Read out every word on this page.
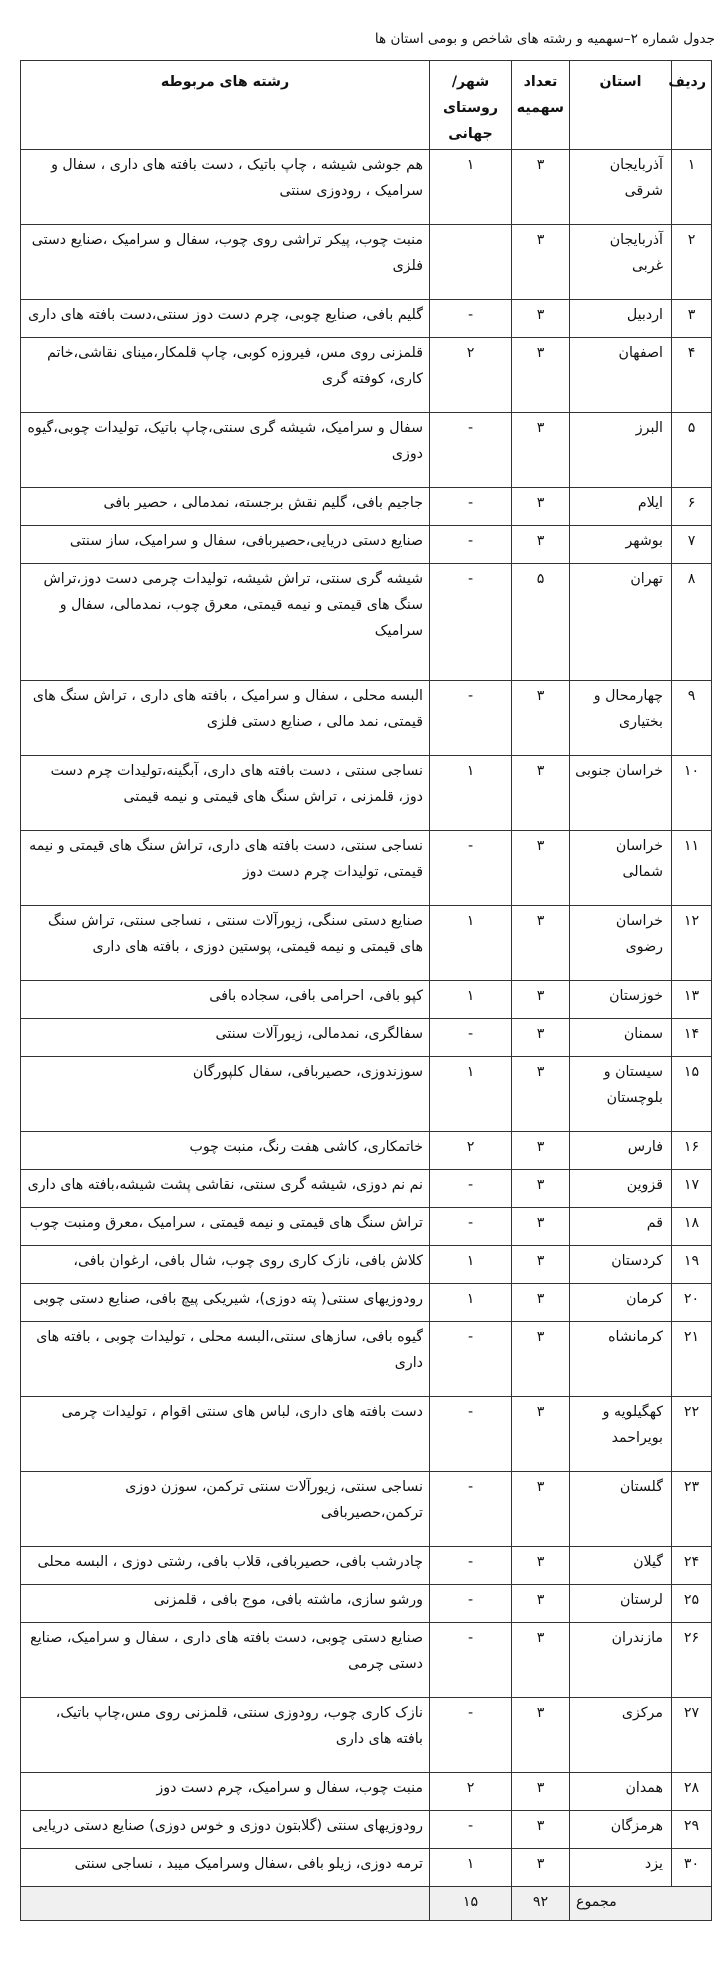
جدول شماره ۲–سهمیه و رشته های شاخص و بومی استان ها
ردیف	استان	تعداد سهمیه	شهر/روستای جهانی	رشته های مربوطه
۱	آذربایجان شرقی	۳	۱	هم جوشی شیشه ، چاپ باتیک ، دست بافته های داری ، سفال و سرامیک ، رودوزی سنتی
۲	آذربایجان غربی	۳		منبت چوب، پیکر تراشی روی چوب، سفال و سرامیک ،صنایع دستی فلزی
۳	اردبیل	۳	-	گلیم بافی، صنایع چوبی، چرم دست دوز سنتی،دست بافته های داری
۴	اصفهان	۳	۲	قلمزنی روی مس، فیروزه کوبی، چاپ قلمکار،مینای نقاشی،خاتم کاری، کوفته گری
۵	البرز	۳	-	سفال و سرامیک، شیشه گری سنتی،چاپ باتیک، تولیدات چوبی،گیوه دوزی
۶	ایلام	۳	-	جاجیم بافی، گلیم نقش برجسته، نمدمالی ، حصیر بافی
۷	بوشهر	۳	-	صنایع دستی دریایی،حصیربافی، سفال و سرامیک، ساز سنتی
۸	تهران	۵	-	شیشه گری سنتی، تراش شیشه، تولیدات چرمی دست دوز،تراش سنگ های قیمتی و نیمه قیمتی، معرق چوب، نمدمالی، سفال و سرامیک
۹	چهارمحال و بختیاری	۳	-	البسه محلی ، سفال و سرامیک ، بافته های داری ، تراش سنگ های قیمتی، نمد مالی ، صنایع دستی فلزی
۱۰	خراسان جنوبی	۳	۱	نساجی سنتی ، دست بافته های داری، آبگینه،تولیدات چرم دست دوز، قلمزنی ، تراش سنگ های قیمتی و نیمه قیمتی
۱۱	خراسان شمالی	۳	-	نساجی سنتی، دست بافته های داری، تراش سنگ های قیمتی و نیمه قیمتی، تولیدات چرم دست دوز
۱۲	خراسان رضوی	۳	۱	صنایع دستی سنگی، زیورآلات سنتی ، نساجی سنتی، تراش سنگ های قیمتی و نیمه قیمتی، پوستین دوزی ، بافته های داری
۱۳	خوزستان	۳	۱	کپو بافی، احرامی بافی، سجاده بافی
۱۴	سمنان	۳	-	سفالگری، نمدمالی، زیورآلات سنتی
۱۵	سیستان و بلوچستان	۳	۱	سوزندوزی، حصیربافی، سفال کلپورگان
۱۶	فارس	۳	۲	خاتمکاری، کاشی هفت رنگ، منبت چوب
۱۷	قزوین	۳	-	نم نم دوزی، شیشه گری سنتی، نقاشی پشت شیشه،بافته های داری
۱۸	قم	۳	-	تراش سنگ های قیمتی و نیمه قیمتی ، سرامیک ،معرق ومنبت چوب
۱۹	کردستان	۳	۱	کلاش بافی، نازک کاری روی چوب، شال بافی، ارغوان بافی،
۲۰	کرمان	۳	۱	رودوزیهای سنتی( پته دوزی)، شیریکی پیچ بافی، صنایع دستی چوبی
۲۱	کرمانشاه	۳	-	گیوه بافی، سازهای سنتی،البسه محلی ، تولیدات چوبی ، بافته های داری
۲۲	کهگیلویه و بویراحمد	۳	-	دست بافته های داری، لباس های سنتی اقوام ، تولیدات چرمی
۲۳	گلستان	۳	-	نساجی سنتی، زیورآلات سنتی ترکمن، سوزن دوزی ترکمن،حصیربافی
۲۴	گیلان	۳	-	چادرشب بافی، حصیربافی، قلاب بافی، رشتی دوزی ، البسه محلی
۲۵	لرستان	۳	-	ورشو سازی، ماشته بافی، موج بافی ، قلمزنی
۲۶	مازندران	۳	-	صنایع دستی چوبی، دست بافته های داری ، سفال و سرامیک، صنایع دستی چرمی
۲۷	مرکزی	۳	-	نازک کاری چوب، رودوزی سنتی، قلمزنی روی مس،چاپ باتیک، بافته های داری
۲۸	همدان	۳	۲	منبت چوب، سفال و سرامیک، چرم دست دوز
۲۹	هرمزگان	۳	-	رودوزیهای سنتی (گلابتون دوزی و خوس دوزی) صنایع دستی دریایی
۳۰	یزد	۳	۱	ترمه دوزی، زیلو بافی ،سفال وسرامیک میبد ، نساجی سنتی
مجموع		۹۲	۱۵	
